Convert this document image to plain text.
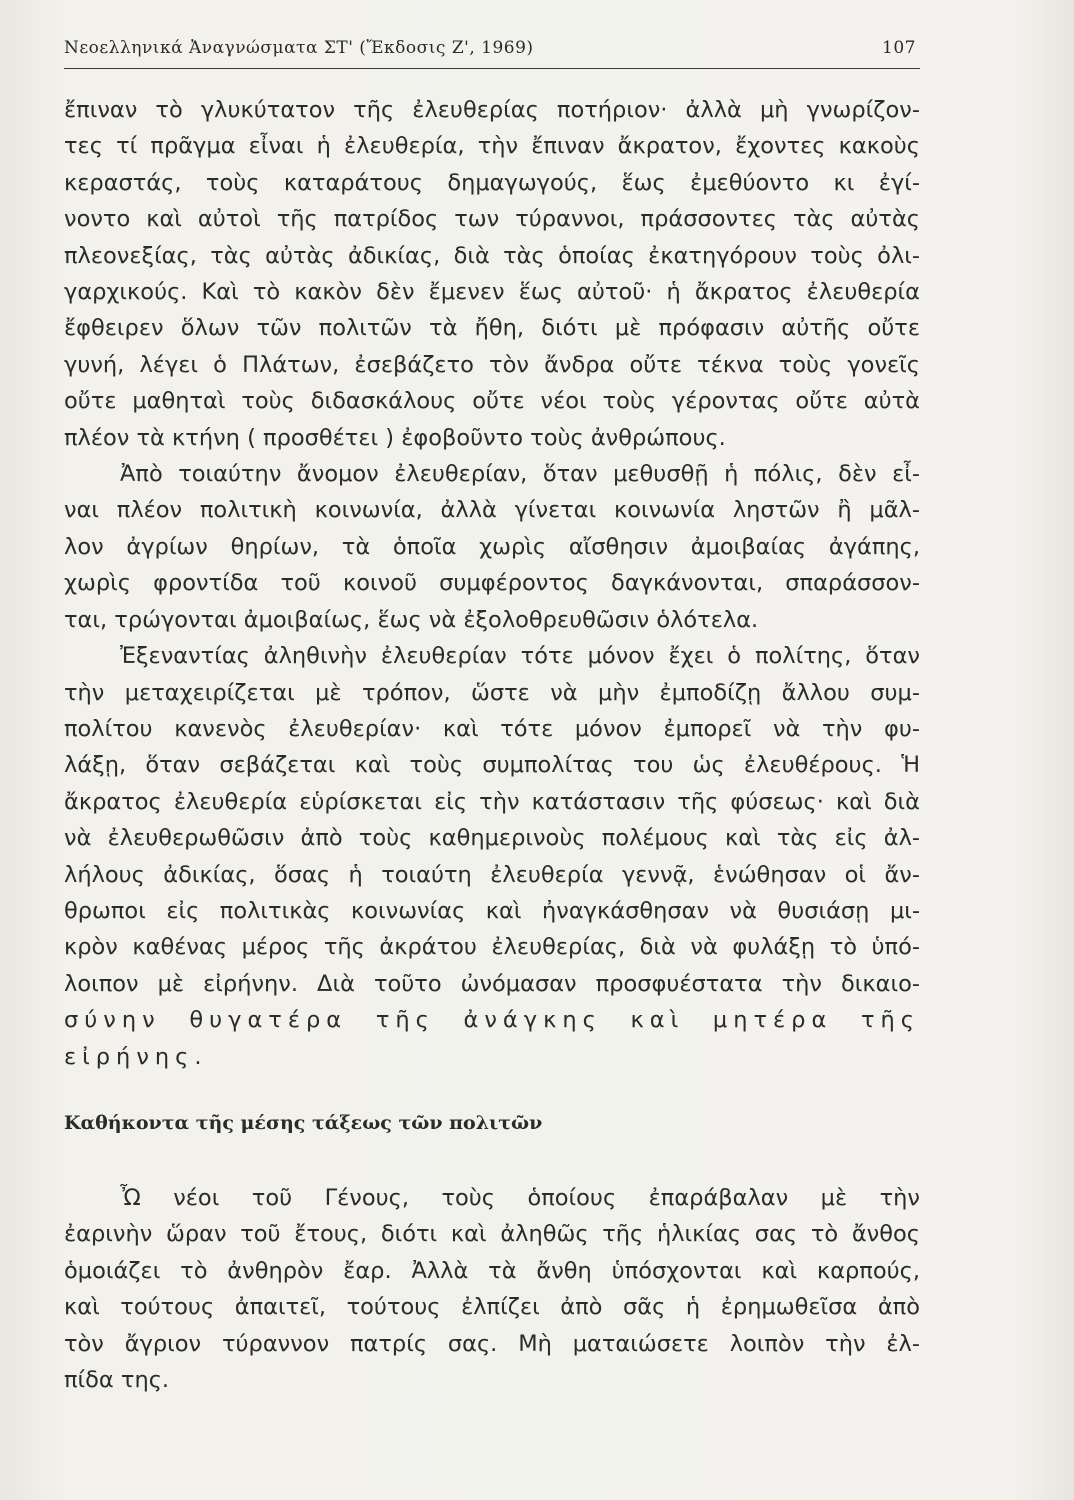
Νεοελληνικά Ἀναγνώσματα ΣΤ' (Ἔκδοσις Ζ', 1969)	107
ἔπιναν τὸ γλυκύτατον τῆς ἐλευθερίας ποτήριον· ἀλλὰ μὴ γνωρίζον-
τες τί πρᾶγμα εἶναι ἡ ἐλευθερία, τὴν ἔπιναν ἄκρατον, ἔχοντες κακοὺς
κεραστάς, τοὺς καταράτους δημαγωγούς, ἕως ἐμεθύοντο κι ἐγί-
νοντο καὶ αὐτοὶ τῆς πατρίδος των τύραννοι, πράσσοντες τὰς αὐτὰς
πλεονεξίας, τὰς αὐτὰς ἀδικίας, διὰ τὰς ὁποίας ἐκατηγόρουν τοὺς ὀλι-
γαρχικούς. Καὶ τὸ κακὸν δὲν ἔμενεν ἕως αὐτοῦ· ἡ ἄκρατος ἐλευθερία
ἔφθειρεν ὅλων τῶν πολιτῶν τὰ ἤθη, διότι μὲ πρόφασιν αὐτῆς οὔτε
γυνή, λέγει ὁ Πλάτων, ἐσεβάζετο τὸν ἄνδρα οὔτε τέκνα τοὺς γονεῖς
οὔτε μαθηταὶ τοὺς διδασκάλους οὔτε νέοι τοὺς γέροντας οὔτε αὐτὰ
πλέον τὰ κτήνη ( προσθέτει ) ἐφοβοῦντο τοὺς ἀνθρώπους.
Ἀπὸ τοιαύτην ἄνομον ἐλευθερίαν, ὅταν μεθυσθῇ ἡ πόλις, δὲν εἶ-
ναι πλέον πολιτικὴ κοινωνία, ἀλλὰ γίνεται κοινωνία ληστῶν ἢ μᾶλ-
λον ἀγρίων θηρίων, τὰ ὁποῖα χωρὶς αἴσθησιν ἀμοιβαίας ἀγάπης,
χωρὶς φροντίδα τοῦ κοινοῦ συμφέροντος δαγκάνονται, σπαράσσον-
ται, τρώγονται ἀμοιβαίως, ἕως νὰ ἐξολοθρευθῶσιν ὁλότελα.
Ἐξεναντίας ἀληθινὴν ἐλευθερίαν τότε μόνον ἔχει ὁ πολίτης, ὅταν
τὴν μεταχειρίζεται μὲ τρόπον, ὥστε νὰ μὴν ἐμποδίζῃ ἄλλου συμ-
πολίτου κανενὸς ἐλευθερίαν· καὶ τότε μόνον ἐμπορεῖ νὰ τὴν φυ-
λάξῃ, ὅταν σεβάζεται καὶ τοὺς συμπολίτας του ὡς ἐλευθέρους. Ἡ
ἄκρατος ἐλευθερία εὑρίσκεται εἰς τὴν κατάστασιν τῆς φύσεως· καὶ διὰ
νὰ ἐλευθερωθῶσιν ἀπὸ τοὺς καθημερινοὺς πολέμους καὶ τὰς εἰς ἀλ-
λήλους ἀδικίας, ὅσας ἡ τοιαύτη ἐλευθερία γεννᾷ, ἑνώθησαν οἱ ἄν-
θρωποι εἰς πολιτικὰς κοινωνίας καὶ ἠναγκάσθησαν νὰ θυσιάσῃ μι-
κρὸν καθένας μέρος τῆς ἀκράτου ἐλευθερίας, διὰ νὰ φυλάξῃ τὸ ὑπό-
λοιπον μὲ εἰρήνην. Διὰ τοῦτο ὠνόμασαν προσφυέστατα τὴν δικαιο-
σύνην θυγατέρα τῆς ἀνάγκης καὶ μητέρα τῆς
εἰρήνης.
Καθήκοντα τῆς μέσης τάξεως τῶν πολιτῶν
Ὦ νέοι τοῦ Γένους, τοὺς ὁποίους ἐπαράβαλαν μὲ τὴν
ἐαρινὴν ὥραν τοῦ ἔτους, διότι καὶ ἀληθῶς τῆς ἡλικίας σας τὸ ἄνθος
ὁμοιάζει τὸ ἀνθηρὸν ἔαρ. Ἀλλὰ τὰ ἄνθη ὑπόσχονται καὶ καρπούς,
καὶ τούτους ἀπαιτεῖ, τούτους ἐλπίζει ἀπὸ σᾶς ἡ ἐρημωθεῖσα ἀπὸ
τὸν ἄγριον τύραννον πατρίς σας. Μὴ ματαιώσετε λοιπὸν τὴν ἐλ-
πίδα της.
